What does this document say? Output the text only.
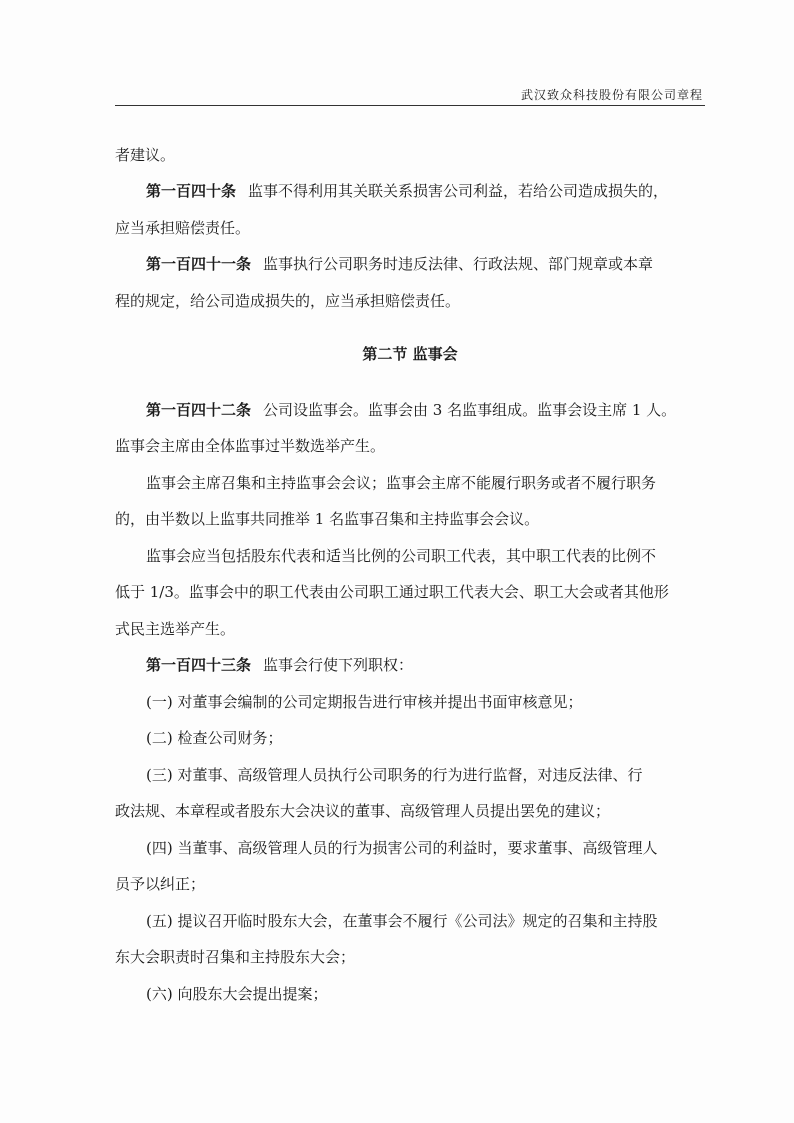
武汉致众科技股份有限公司章程
者建议。
第一百四十条 监事不得利用其关联关系损害公司利益，若给公司造成损失的，
应当承担赔偿责任。
第一百四十一条 监事执行公司职务时违反法律、行政法规、部门规章或本章
程的规定，给公司造成损失的，应当承担赔偿责任。
第二节 监事会
第一百四十二条 公司设监事会。监事会由 3 名监事组成。监事会设主席 1 人。
监事会主席由全体监事过半数选举产生。
监事会主席召集和主持监事会会议；监事会主席不能履行职务或者不履行职务
的，由半数以上监事共同推举 1 名监事召集和主持监事会会议。
监事会应当包括股东代表和适当比例的公司职工代表，其中职工代表的比例不
低于 1/3。监事会中的职工代表由公司职工通过职工代表大会、职工大会或者其他形
式民主选举产生。
第一百四十三条 监事会行使下列职权：
(一) 对董事会编制的公司定期报告进行审核并提出书面审核意见；
(二) 检查公司财务；
(三) 对董事、高级管理人员执行公司职务的行为进行监督，对违反法律、行
政法规、本章程或者股东大会决议的董事、高级管理人员提出罢免的建议；
(四) 当董事、高级管理人员的行为损害公司的利益时，要求董事、高级管理人
员予以纠正；
(五) 提议召开临时股东大会，在董事会不履行《公司法》规定的召集和主持股
东大会职责时召集和主持股东大会；
(六) 向股东大会提出提案；
